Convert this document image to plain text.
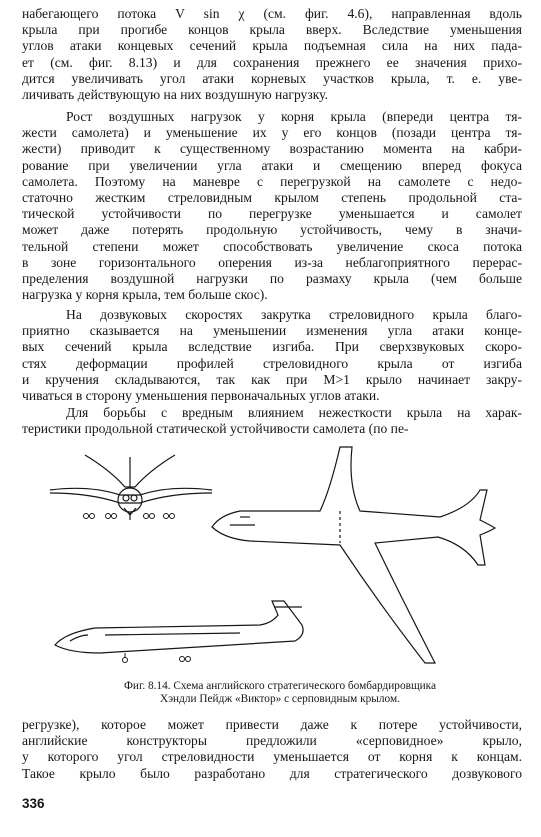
набегающего потока V sin χ (см. фиг. 4.6), направленная вдоль
крыла при прогибе концов крыла вверх. Вследствие уменьшения
углов атаки концевых сечений крыла подъемная сила на них пада-
ет (см. фиг. 8.13) и для сохранения прежнего ее значения прихо-
дится увеличивать угол атаки корневых участков крыла, т. е. уве-
личивать действующую на них воздушную нагрузку.

Рост воздушных нагрузок у корня крыла (впереди центра тя-
жести самолета) и уменьшение их у его концов (позади центра тя-
жести) приводит к существенному возрастанию момента на кабри-
рование при увеличении угла атаки и смещению вперед фокуса
самолета. Поэтому на маневре с перегрузкой на самолете с недо-
статочно жестким стреловидным крылом степень продольной ста-
тической устойчивости по перегрузке уменьшается и самолет
может даже потерять продольную устойчивость, чему в значи-
тельной степени может способствовать увеличение скоса потока
в зоне горизонтального оперения из-за неблагоприятного перерас-
пределения воздушной нагрузки по размаху крыла (чем больше
нагрузка у корня крыла, тем больше скос).

На дозвуковых скоростях закрутка стреловидного крыла благо-
приятно сказывается на уменьшении изменения угла атаки конце-
вых сечений крыла вследствие изгиба. При сверхзвуковых скоро-
стях деформации профилей стреловидного крыла от изгиба
и кручения складываются, так как при M>1 крыло начинает закру-
чиваться в сторону уменьшения первоначальных углов атаки.

Для борьбы с вредным влиянием нежесткости крыла на харак-
теристики продольной статической устойчивости самолета (по пе-

Фиг. 8.14. Схема английского стратегического бомбардировщика
Хэндли Пейдж «Виктор» с серповидным крылом.

регрузке), которое может привести даже к потере устойчивости,
английские конструкторы предложили «серповидное» крыло,
у которого угол стреловидности уменьшается от корня к концам.
Такое крыло было разработано для стратегического дозвукового

336
